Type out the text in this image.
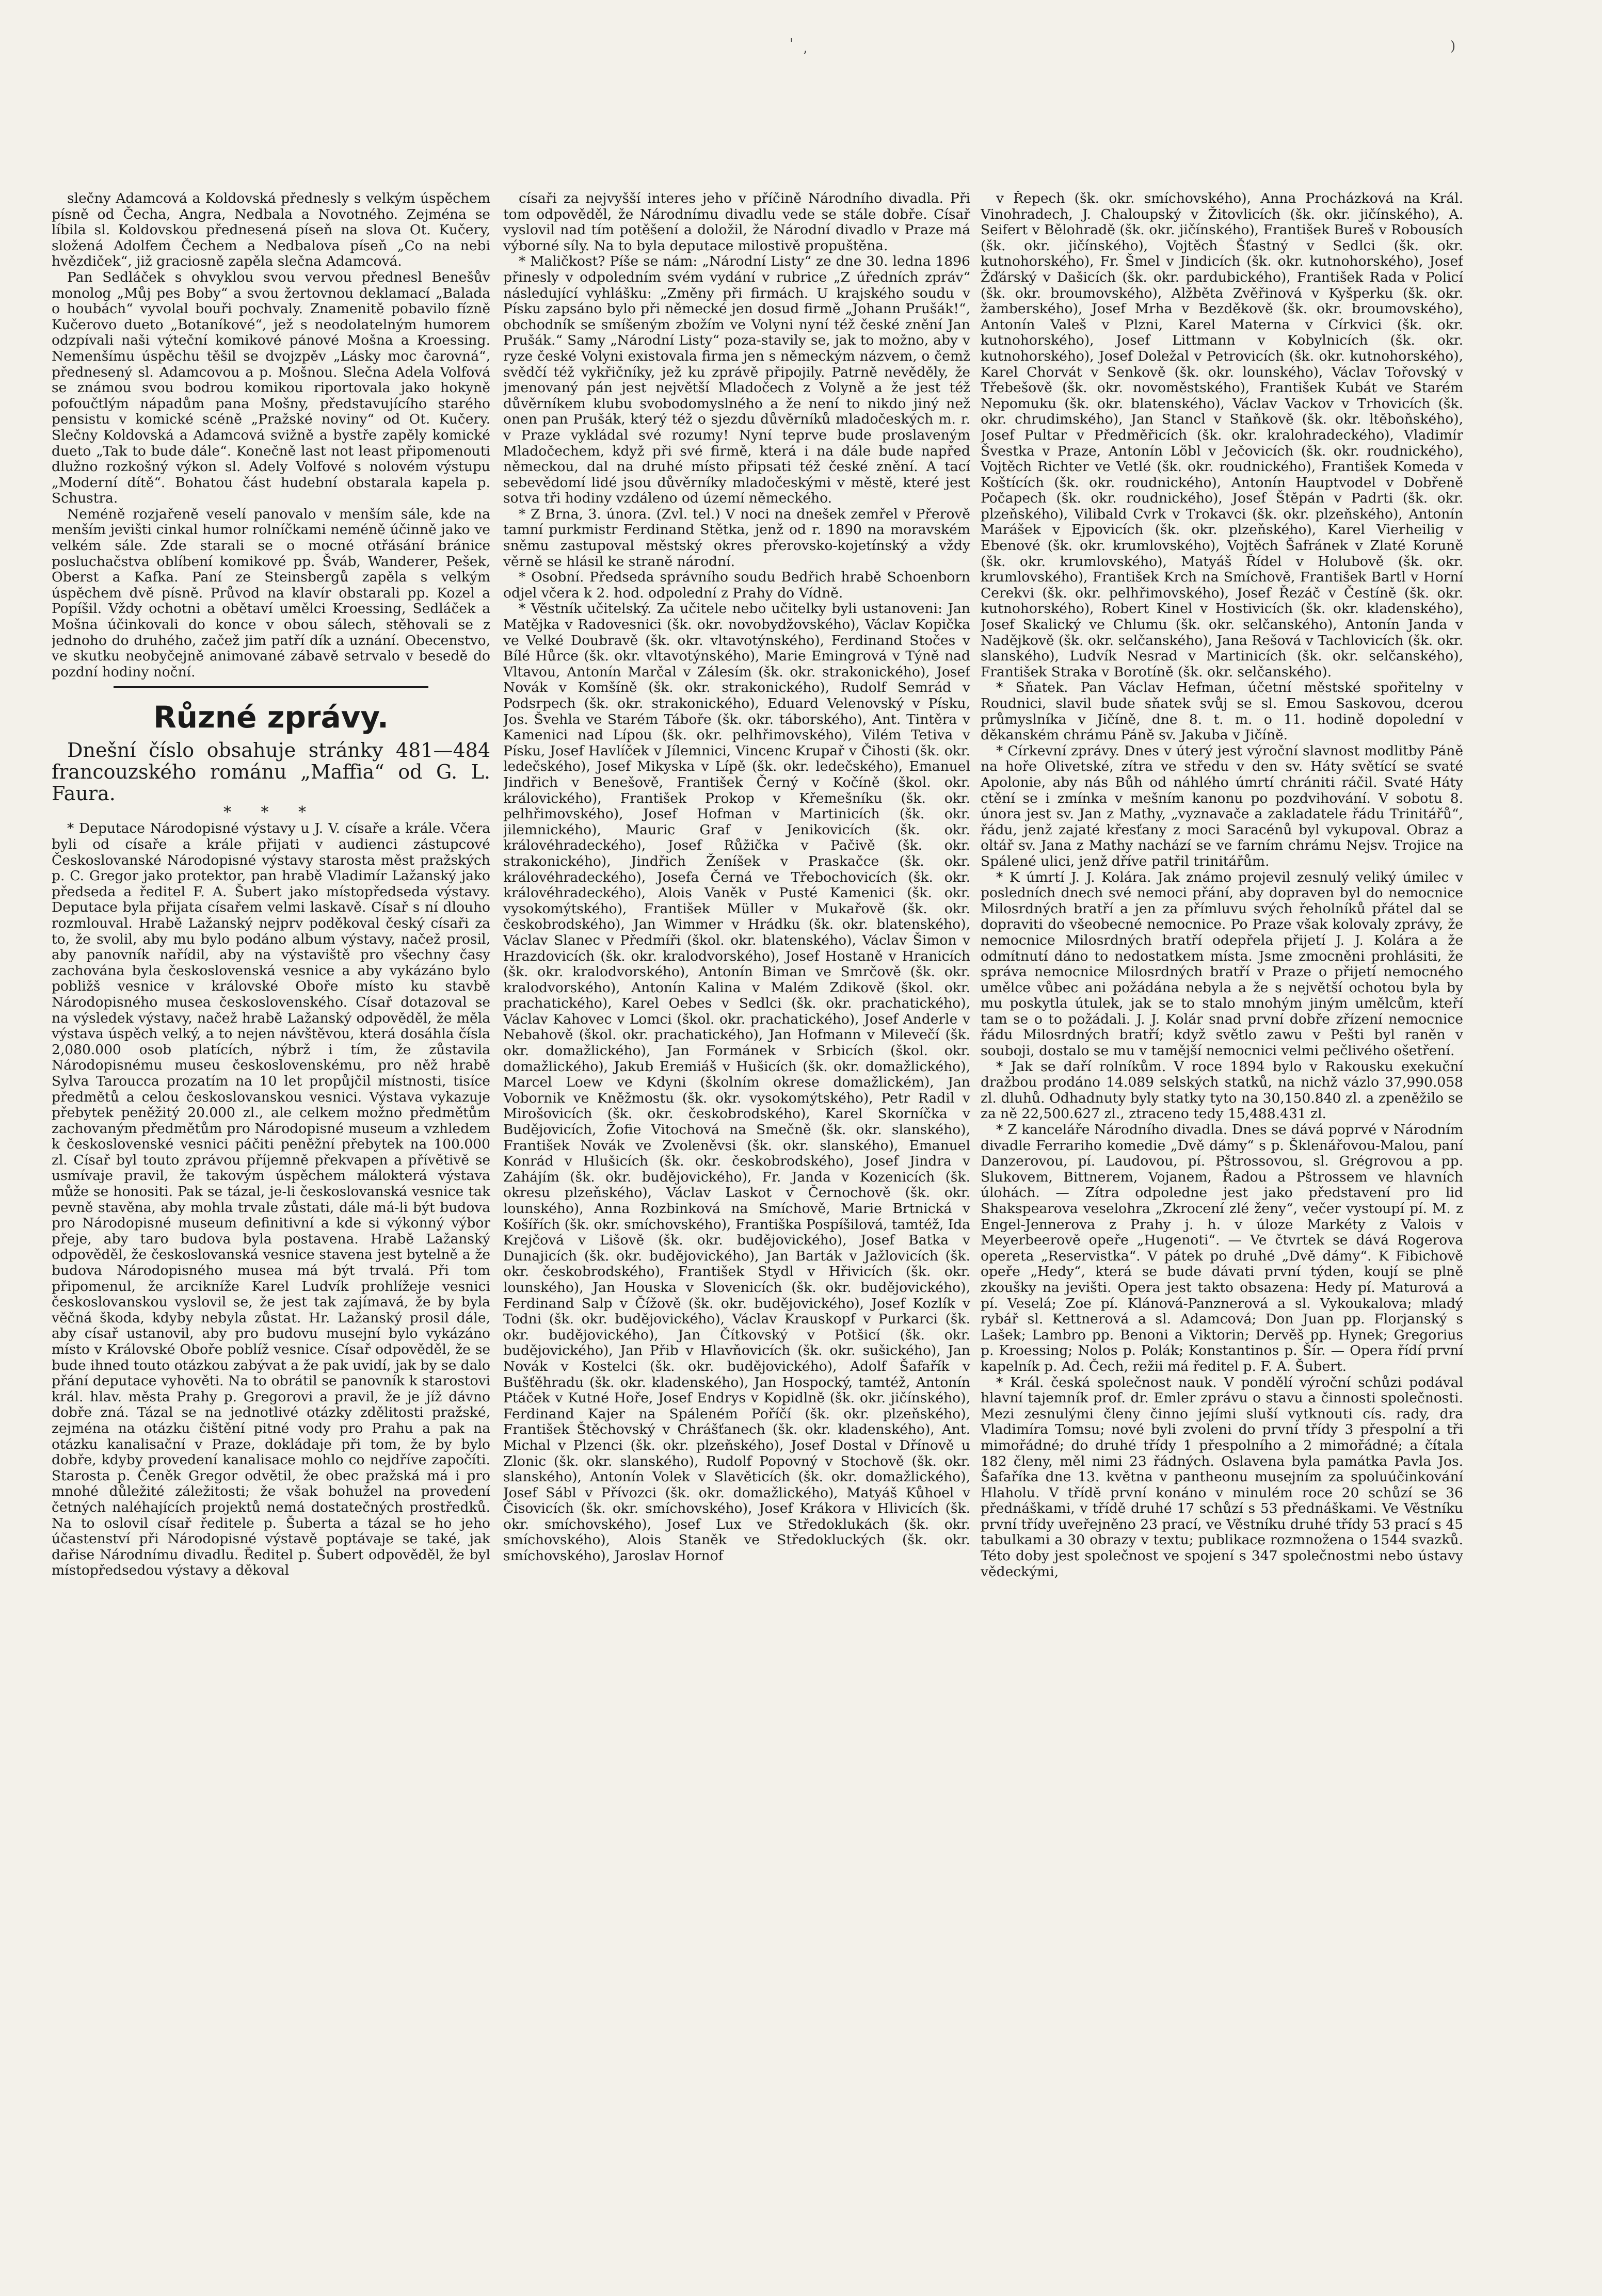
'
ʼ
)

slečny Adamcová a Koldovská přednesly s velkým úspěchem písně od Čecha, Angra, Nedbala a Novotného. Zejména se líbila sl. Koldovskou přednesená píseň na slova Ot. Kučery, složená Adolfem Čechem a Nedbalova píseň „Co na nebi hvězdiček“, již graciosně zapěla slečna Adamcová.

Pan Sedláček s ohvyklou svou vervou přednesl Benešův monolog „Můj pes Boby“ a svou žertovnou deklamací „Balada o houbách“ vyvolal bouři pochvaly. Znamenitě pobavilo fízně Kučerovo dueto „Botaníkové“, jež s neodolatelným humorem odzpívali naši výteční komikové pánové Mošna a Kroessing. Nemenšímu úspěchu těšil se dvojzpěv „Lásky moc čarovná“, přednesený sl. Adamcovou a p. Mošnou. Slečna Adela Volfová se známou svou bodrou komikou riportovala jako hokyně pofoučtlým nápadům pana Mošny, představujícího starého pensistu v komické scéně „Pražské noviny“ od Ot. Kučery. Slečny Koldovská a Adamcová svižně a bystře zapěly komické dueto „Tak to bude dále“. Konečně last not least připomenouti dlužno rozkošný výkon sl. Adely Volfové s nolovém výstupu „Moderní dítě“. Bohatou část hudební obstarala kapela p. Schustra.

Neméně rozjařeně veselí panovalo v menším sále, kde na menším jevišti cinkal humor rolníčkami neméně účinně jako ve velkém sále. Zde starali se o mocné otřásání bránice posluchačstva oblíbení komikové pp. Šváb, Wanderer, Pešek, Oberst a Kafka. Paní ze Steinsbergů zapěla s velkým úspěchem dvě písně. Průvod na klavír obstarali pp. Kozel a Popíšil. Vždy ochotni a obětaví umělci Kroessing, Sedláček a Mošna účinkovali do konce v obou sálech, stěhovali se z jednoho do druhého, začež jim patří dík a uznání. Obecenstvo, ve skutku neobyčejně animované zábavě setrvalo v besedě do pozdní hodiny noční.

Různé zprávy.

Dnešní číslo obsahuje stránky 481—484 francouzského románu „Maffia“ od G. L. Faura.

* * *

* Deputace Národopisné výstavy u J. V. císaře a krále. Včera byli od císaře a krále přijati v audienci zástupcové Českoslovanské Národopisné výstavy starosta měst pražských p. C. Gregor jako protektor, pan hrabě Vladimír Lažanský jako předseda a ředitel F. A. Šubert jako místopředseda výstavy. Deputace byla přijata císařem velmi laskavě. Císař s ní dlouho rozmlouval. Hrabě Lažanský nejprv poděkoval český císaři za to, že svolil, aby mu bylo podáno album výstavy, načež prosil, aby panovník nařídil, aby na výstaviště pro všechny časy zachována byla československá vesnice a aby vykázáno bylo pobližš vesnice v královské Oboře místo ku stavbě Národopisného musea československého. Císař dotazoval se na výsledek výstavy, načež hrabě Lažanský odpověděl, že měla výstava úspěch velký, a to nejen návštěvou, která dosáhla čísla 2,080.000 osob platících, nýbrž i tím, že zůstavila Národopisnému museu československému, pro něž hrabě Sylva Tarouccа prozatím na 10 let propůjčil místnosti, tisíce předmětů a celou českoslovanskou vesnici. Výstava vykazuje přebytek peněžitý 20.000 zl., ale celkem možno předmětům zachovaným předmětům pro Národopisné museum a vzhledem k československé vesnici páčiti peněžní přebytek na 100.000 zl. Císař byl touto zprávou příjemně překvapen a přívětivě se usmívaje pravil, že takovým úspěchem málokterá výstava může se honositi. Pak se tázal, je-li českoslovanská vesnice tak pevně stavěna, aby mohla trvale zůstati, dále má-li být budova pro Národopisné museum definitivní a kde si výkonný výbor přeje, aby taro budova byla postavena. Hrabě Lažanský odpověděl, že českoslovanská vesnice stavena jest bytelně a že budova Národopisného musea má být trvalá. Při tom připomenul, že arcikníže Karel Ludvík prohlížeje vesnici českoslovanskou vyslovil se, že jest tak zajímavá, že by byla věčná škoda, kdyby nebyla zůstat. Hr. Lažanský prosil dále, aby císař ustanovil, aby pro budovu musejní bylo vykázáno místo v Královské Oboře poblíž vesnice. Císař odpověděl, že se bude ihned touto otázkou zabývat a že pak uvidí, jak by se dalo přání deputace vyhověti. Na to obrátil se panovník k starostovi král. hlav. města Prahy p. Gregorovi a pravil, že je jíž dávno dobře zná. Tázal se na jednotlivé otázky zdělitosti pražské, zejména na otázku čištění pitné vody pro Prahu a pak na otázku kanalisační v Praze, dokládaje při tom, že by bylo dobře, kdyby provedení kanalisace mohlo co nejdříve započíti. Starosta p. Čeněk Gregor odvětil, že obec pražská má i pro mnohé důležité záležitosti; že však bohužel na provedení četných naléhajících projektů nemá dostatečných prostředků. Na to oslovil císař ředitele p. Šuberta a tázal se ho jeho účastenství při Národopisné výstavě poptávaje se také, jak dařise Národnímu divadlu. Ředitel p. Šubert odpověděl, že byl místopředsedou výstavy a děkoval

císaři za nejvyšší interes jeho v příčině Národního divadla. Při tom odpověděl, že Národnímu divadlu vede se stále dobře. Císař vyslovil nad tím potěšení a doložil, že Národní divadlo v Praze má výborné síly. Na to byla deputace milostivě propuštěna.

* Maličkost? Píše se nám: „Národní Listy“ ze dne 30. ledna 1896 přinesly v odpoledním svém vydání v rubrice „Z úředních zpráv“ následující vyhlášku: „Změny při firmách. U krajského soudu v Písku zapsáno bylo při německé jen dosud firmě „Johann Prušák!“, obchodník se smíšeným zbožím ve Volyni nyní též české znění Jan Prušák.“ Samy „Národní Listy“ poza-stavily se, jak to možno, aby v ryze české Volyni existovala firma jen s německým názvem, o čemž svědčí též vykřičníky, jež ku zprávě připojily. Patrně nevěděly, že jmenovaný pán jest největší Mladočech z Volyně a že jest též důvěrníkem klubu svobodomyslného a že není to nikdo jiný než onen pan Prušák, který též o sjezdu důvěrníků mladočeských m. r. v Praze vykládal své rozumy! Nyní teprve bude proslaveným Mladočechem, když při své firmě, která i na dále bude napřed německou, dal na druhé místo připsati též české znění. A tací sebevědomí lidé jsou důvěrníky mladočeskými v městě, které jest sotva tři hodiny vzdáleno od území německého.

* Z Brna, 3. února. (Zvl. tel.) V noci na dnešek zemřel v Přerově tamní purkmistr Ferdinand Stětka, jenž od r. 1890 na moravském sněmu zastupoval městský okres přerovsko-kojetínský a vždy věrně se hlásil ke straně národní.

* Osobní. Předseda správního soudu Bedřich hrabě Schoenborn odjel včera k 2. hod. odpolední z Prahy do Vídně.

* Věstník učitelský. Za učitele nebo učitelky byli ustanoveni: Jan Matějka v Radovesnici (šk. okr. novobydžovského), Václav Kopička ve Velké Doubravě (šk. okr. vltavotýnského), Ferdinand Stočes v Bílé Hůrce (šk. okr. vltavotýnského), Marie Emingrová v Týně nad Vltavou, Antonín Marčal v Zálesím (šk. okr. strakonického), Josef Novák v Komšíně (šk. okr. strakonického), Rudolf Semrád v Podsrpech (šk. okr. strakonického), Eduard Velenovský v Písku, Jos. Švehla ve Starém Táboře (šk. okr. táborského), Ant. Tintěra v Kamenici nad Lípou (šk. okr. pelhřimovského), Vilém Tetiva v Písku, Josef Havlíček v Jílemnici, Vincenc Krupař v Čihosti (šk. okr. ledečského), Josef Mikyska v Lípě (šk. okr. ledečského), Emanuel Jindřich v Benešově, František Černý v Kočíně (škol. okr. královického), František Prokop v Křemešníku (šk. okr. pelhřimovského), Josef Hofman v Martinicích (šk. okr. jilemnického), Mauric Graf v Jenikovicích (šk. okr. královéhradeckého), Josef Růžička v Pačivě (šk. okr. strakonického), Jindřich Ženíšek v Praskačce (šk. okr. královéhradeckého), Josefa Černá ve Třebochovicích (šk. okr. královéhradeckého), Alois Vaněk v Pusté Kamenici (šk. okr. vysokomýtského), František Müller v Mukařově (šk. okr. českobrodského), Jan Wimmer v Hrádku (šk. okr. blatenského), Václav Slanec v Předmíři (škol. okr. blatenského), Václav Šimon v Hrazdovicích (šk. okr. kralodvorského), Josef Hostaně v Hranicích (šk. okr. kralodvorského), Antonín Biman ve Smrčově (šk. okr. kralodvorského), Antonín Kalina v Malém Zdikově (škol. okr. prachatického), Karel Oebes v Sedlci (šk. okr. prachatického), Václav Kahovec v Lomci (škol. okr. prachatického), Josef Anderle v Nebahově (škol. okr. prachatického), Jan Hofmann v Milevečí (šk. okr. domažlického), Jan Formánek v Srbicích (škol. okr. domažlického), Jakub Eremiáš v Hušicích (šk. okr. domažlického), Marcel Loew ve Kdyni (školním okrese domažlickém), Jan Vobornik ve Kněžmostu (šk. okr. vysokomýtského), Petr Radil v Mirošovicích (šk. okr. českobrodského), Karel Skorníčka v Budějovicích, Žofie Vitochová na Smečně (šk. okr. slanského), František Novák ve Zvoleněvsi (šk. okr. slanského), Emanuel Konrád v Hlušicích (šk. okr. českobrodského), Josef Jindra v Zahájím (šk. okr. budějovického), Fr. Janda v Kozenicích (šk. okresu plzeňského), Václav Laskot v Černochově (šk. okr. lounského), Anna Rozbinková na Smíchově, Marie Brtnická v Košířích (šk. okr. smíchovského), Františka Pospíšilová, tamtéž, Ida Krejčová v Lišově (šk. okr. budějovického), Josef Batka v Dunajicích (šk. okr. budějovického), Jan Barták v Jažlovicích (šk. okr. českobrodského), František Stydl v Hřivicích (šk. okr. lounského), Jan Houska v Slovenicích (šk. okr. budějovického), Ferdinand Salp v Čížově (šk. okr. budějovického), Josef Kozlík v Todni (šk. okr. budějovického), Václav Krauskopf v Purkarci (šk. okr. budějovického), Jan Čítkovský v Potšicí (šk. okr. budějovického), Jan Přib v Hlavňovicích (šk. okr. sušického), Jan Novák v Kostelci (šk. okr. budějovického), Adolf Šafařík v Bušťěhradu (šk. okr. kladenského), Jan Hospocký, tamtéž, Antonín Ptáček v Kutné Hoře, Josef Endrys v Kopidlně (šk. okr. jičínského), Ferdinand Kajer na Spáleném Poříčí (šk. okr. plzeňského), František Štěchovský v Chrášťanech (šk. okr. kladenského), Ant. Michal v Plzenci (šk. okr. plzeňského), Josef Dostal v Dřínově u Zlonic (šk. okr. slanského), Rudolf Popovný v Stochově (šk. okr. slanského), Antonín Volek v Slavěticích (šk. okr. domažlického), Josef Sábl v Přívozci (šk. okr. domažlického), Matyáš Kůhoel v Čisovicích (šk. okr. smíchovského), Josef Krákora v Hlivicích (šk. okr. smíchovského), Josef Lux ve Středoklukách (šk. okr. smíchovského), Alois Staněk ve Středokluckých (šk. okr. smíchovského), Jaroslav Hornof

v Řepech (šk. okr. smíchovského), Anna Procházková na Král. Vinohradech, J. Chaloupský v Žitovlicích (šk. okr. jičínského), A. Seifert v Bělohradě (šk. okr. jičínského), František Bureš v Robousích (šk. okr. jičínského), Vojtěch Šťastný v Sedlci (šk. okr. kutnohorského), Fr. Šmel v Jindicích (šk. okr. kutnohorského), Josef Žďárský v Dašicích (šk. okr. pardubického), František Rada v Policí (šk. okr. broumovského), Alžběta Zvěřinová v Kyšperku (šk. okr. žamberského), Josef Mrha v Bezděkově (šk. okr. broumovského), Antonín Valeš v Plzni, Karel Materna v Církvici (šk. okr. kutnohorského), Josef Littmann v Kobylnicích (šk. okr. kutnohorského), Josef Doležal v Petrovicích (šk. okr. kutnohorského), Karel Chorvát v Senkově (šk. okr. lounského), Václav Tořovský v Třebešově (šk. okr. novoměstského), František Kubát ve Starém Nepomuku (šk. okr. blatenského), Václav Vackov v Trhovicích (šk. okr. chrudimského), Jan Stancl v Staňkově (šk. okr. ltěboňského), Josef Pultar v Předměřicích (šk. okr. kralohradeckého), Vladimír Švestka v Praze, Antonín Löbl v Ječovicích (šk. okr. roudnického), Vojtěch Richter ve Vetlé (šk. okr. roudnického), František Komeda v Koštících (šk. okr. roudnického), Antonín Hauptvodel v Dobřeně Počapech (šk. okr. roudnického), Josef Štěpán v Padrti (šk. okr. plzeňského), Vilibald Cvrk v Trokavci (šk. okr. plzeňského), Antonín Marášek v Ejpovicích (šk. okr. plzeňského), Karel Vierheilig v Ebenové (šk. okr. krumlovského), Vojtěch Šafránek v Zlaté Koruně (šk. okr. krumlovského), Matyáš Řídel v Holubově (šk. okr. krumlovského), František Krch na Smíchově, František Bartl v Horní Cerekvi (šk. okr. pelhřimovského), Josef Řezáč v Čestíně (šk. okr. kutnohorského), Robert Kinel v Hostivicích (šk. okr. kladenského), Josef Skalický ve Chlumu (šk. okr. selčanského), Antonín Janda v Nadějkově (šk. okr. selčanského), Jana Rešová v Tachlovicích (šk. okr. slanského), Ludvík Nesrad v Martinicích (šk. okr. selčanského), František Straka v Borotíně (šk. okr. selčanského).

* Sňatek. Pan Václav Hefman, účetní městské spořitelny v Roudnici, slavil bude sňatek svůj se sl. Emou Saskovou, dcerou průmyslníka v Jičíně, dne 8. t. m. o 11. hodině dopolední v děkanském chrámu Páně sv. Jakuba v Jičíně.

* Církevní zprávy. Dnes v úterý jest výroční slavnost modlitby Páně na hoře Olivetské, zítra ve středu v den sv. Háty světící se svaté Apolonie, aby nás Bůh od náhlého úmrtí chrániti ráčil. Svaté Háty ctění se i zmínka v mešním kanonu po pozdvihování. V sobotu 8. února jest sv. Jan z Mathy, „vyznavače a zakladatele řádu Trinitářů“, řádu, jenž zajaté křesťany z moci Saracénů byl vykupoval. Obraz a oltář sv. Jana z Mathy nachází se ve farním chrámu Nejsv. Trojice na Spálené ulici, jenž dříve patřil trinitářům.

* K úmrtí J. J. Kolára. Jak známo projevil zesnulý veliký úmilec v posledních dnech své nemoci přání, aby dopraven byl do nemocnice Milosrdných bratří a jen za přímluvu svých řeholníků přátel dal se dopraviti do všeobecné nemocnice. Po Praze však kolovaly zprávy, že nemocnice Milosrdných bratří odepřela přijetí J. J. Kolára a že odmítnutí dáno to nedostatkem místa. Jsme zmocněni prohlásiti, že správa nemocnice Milosrdných bratří v Praze o přijetí nemocného umělce vůbec ani požádána nebyla a že s největší ochotou byla by mu poskytla útulek, jak se to stalo mnohým jiným umělcům, kteří tam se o to požádali. J. J. Kolár snad první dobře zřízení nemocnice řádu Milosrdných bratří; když světlo zawu v Pešti byl raněn v souboji, dostalo se mu v tamější nemocnici velmi pečlivého ošetření.

* Jak se daří rolníkům. V roce 1894 bylo v Rakousku exekuční dražbou prodáno 14.089 selských statků, na nichž vázlo 37,990.058 zl. dluhů. Odhadnuty byly statky tyto na 30,150.840 zl. a zpeněžilo se za ně 22,500.627 zl., ztraceno tedy 15,488.431 zl.

* Z kanceláře Národního divadla. Dnes se dává poprvé v Národním divadle Ferrariho komedie „Dvě dámy“ s p. Šklenářovou-Malou, paní Danzerovou, pí. Laudovou, pí. Pštrossovou, sl. Grégrovou a pp. Slukovem, Bittnerem, Vojanem, Řadou a Pštrossem ve hlavních úlohách. — Zítra odpoledne jest jako představení pro lid Shakspearova veselohra „Zkrocení zlé ženy“, večer vystoupí pí. M. z Engel-Jennerova z Prahy j. h. v úloze Markéty z Valois v Meyerbeerově opeře „Hugenoti“. — Ve čtvrtek se dává Rogerova opereta „Reservistka“. V pátek po druhé „Dvě dámy“. K Fibichově opeře „Hedy“, která se bude dávati první týden, koují se plně zkoušky na jevišti. Opera jest takto obsazena: Hedy pí. Maturová a pí. Veselá; Zoe pí. Klánová-Panznerová a sl. Vykoukalova; mladý rybář sl. Kettnerová a sl. Adamcová; Don Juan pp. Florjanský s Lašek; Lambro pp. Benoni a Viktorin; Dervěš pp. Hynek; Gregorius p. Kroessing; Nolos p. Polák; Konstantinos p. Šír. — Opera řídí první kapelník p. Ad. Čech, režii má ředitel p. F. A. Šubert.

* Král. česká společnost nauk. V pondělí výroční schůzi podával hlavní tajemník prof. dr. Emler zprávu o stavu a činnosti společnosti. Mezi zesnulými členy činno jejími sluší vytknouti cís. rady, dra Vladimíra Tomsu; nové byli zvoleni do první třídy 3 přespolní a tři mimořádné; do druhé třídy 1 přespolního a 2 mimořádné; a čítala 182 členy, měl nimi 23 řádných. Oslavena byla památka Pavla Jos. Šafaříka dne 13. května v pantheonu musejním za spoluúčinkování Hlaholu. V třídě první konáno v minulém roce 20 schůzí se 36 přednáškami, v třídě druhé 17 schůzí s 53 přednáškami. Ve Věstníku první třídy uveřejněno 23 prací, ve Věstníku druhé třídy 53 prací s 45 tabulkami a 30 obrazy v textu; publikace rozmnožena o 1544 svazků. Této doby jest společnost ve spojení s 347 společnostmi nebo ústavy vědeckými,
